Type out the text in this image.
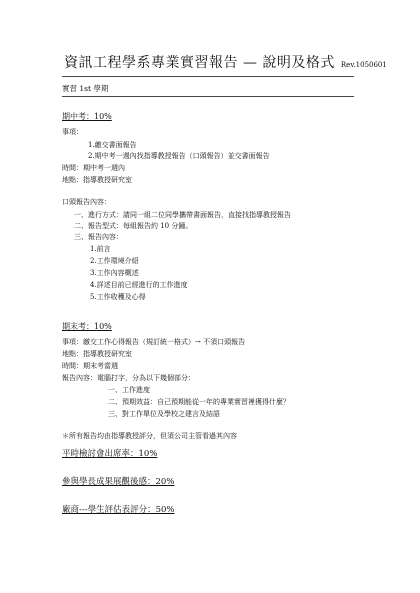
資訊工程學系專業實習報告 — 說明及格式 Rev.1050601
實習 1st 學期
期中考：10%
事項：
1.繳交書面報告
2.期中考一週內找指導教授報告（口頭報告）並交書面報告
時間：期中考一週內
地點：指導教授研究室
口頭報告內容：
一、進行方式：請同一組二位同學攜帶書面報告，直接找指導教授報告
二、報告型式：每組報告約 10 分鐘。
三、報告內容：
1.前言
2.工作環境介紹
3.工作內容概述
4.詳述目前已經進行的工作進度
5.工作收穫及心得
期末考：10%
事項：繳交工作心得報告（規訂統一格式）→ 不須口頭報告
地點：指導教授研究室
時間：期末考當週
報告內容：電腦打字，分為以下幾個部分：
一、工作進度
二、預期效益：自己預期能從一年的專業實習裡獲得什麼？
三、對工作單位及學校之建言及結語
＊所有報告均由指導教授評分，但須公司主管看過其內容
平時檢討會出席率：10%
參與學長成果展觀後感：20%
廠商---學生評估表評分：50%
